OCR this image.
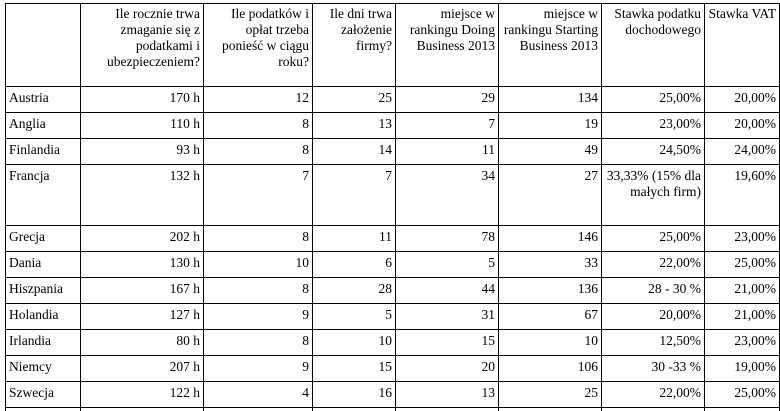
	Ile rocznie trwa zmaganie się z podatkami i ubezpieczeniem?	Ile podatków i opłat trzeba ponieść w ciągu roku?	Ile dni trwa założenie firmy?	miejsce w rankingu Doing Business 2013	miejsce w rankingu Starting Business 2013	Stawka podatku dochodowego	Stawka VAT
Austria	170 h	12	25	29	134	25,00%	20,00%
Anglia	110 h	8	13	7	19	23,00%	20,00%
Finlandia	93 h	8	14	11	49	24,50%	24,00%
Francja	132 h	7	7	34	27	33,33% (15% dla małych firm)	19,60%
Grecja	202 h	8	11	78	146	25,00%	23,00%
Dania	130 h	10	6	5	33	22,00%	25,00%
Hiszpania	167 h	8	28	44	136	28 - 30 %	21,00%
Holandia	127 h	9	5	31	67	20,00%	21,00%
Irlandia	80 h	8	10	15	10	12,50%	23,00%
Niemcy	207 h	9	15	20	106	30 -33 %	19,00%
Szwecja	122 h	4	16	13	25	22,00%	25,00%
